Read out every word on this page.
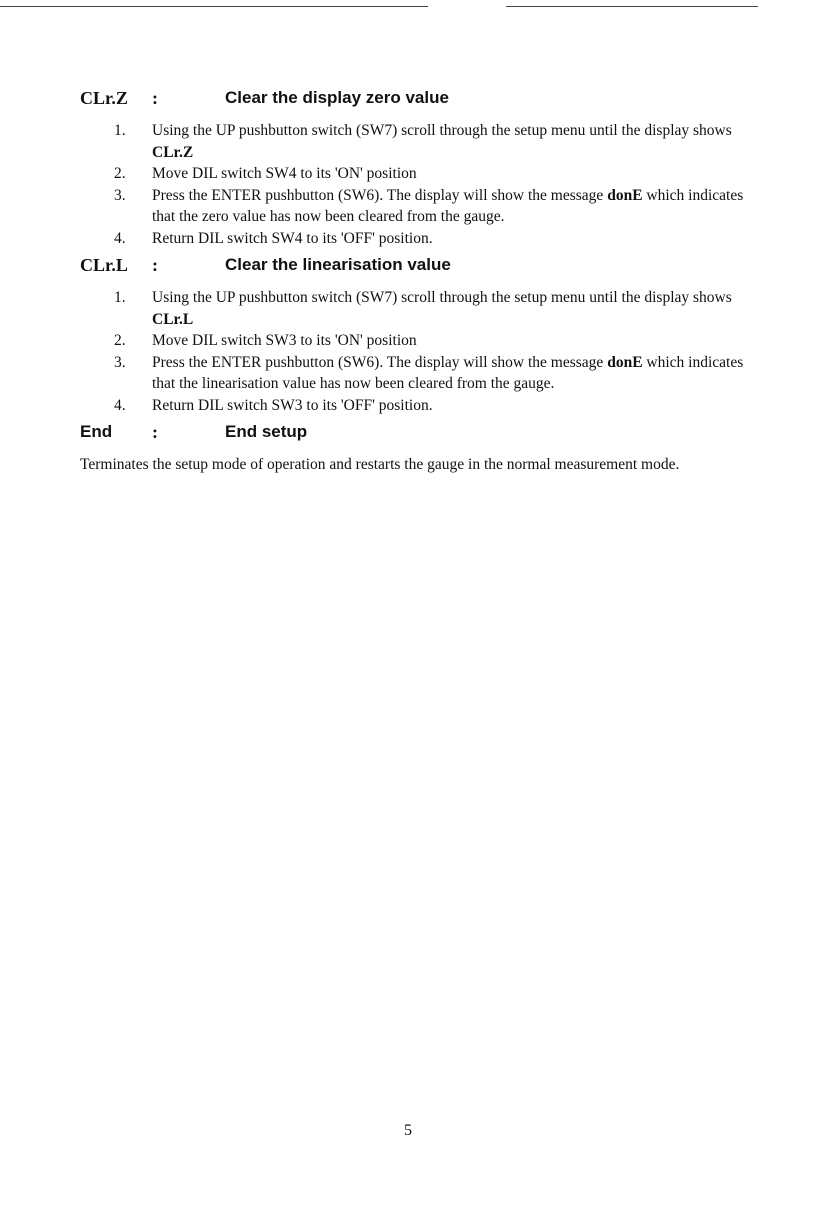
CLr.Z :	Clear the display zero value
1. Using the UP pushbutton switch (SW7) scroll through the setup menu until the display shows CLr.Z
2. Move DIL switch SW4 to its 'ON' position
3. Press the ENTER pushbutton (SW6). The display will show the message donE which indicates that the zero value has now been cleared from the gauge.
4. Return DIL switch SW4 to its 'OFF' position.
CLr.L :	Clear the linearisation value
1. Using the UP pushbutton switch (SW7) scroll through the setup menu until the display shows CLr.L
2. Move DIL switch SW3 to its 'ON' position
3. Press the ENTER pushbutton (SW6). The display will show the message donE which indicates that the linearisation value has now been cleared from the gauge.
4. Return DIL switch SW3 to its 'OFF' position.
End :	End setup
Terminates the setup mode of operation and restarts the gauge in the normal measurement mode.
5
